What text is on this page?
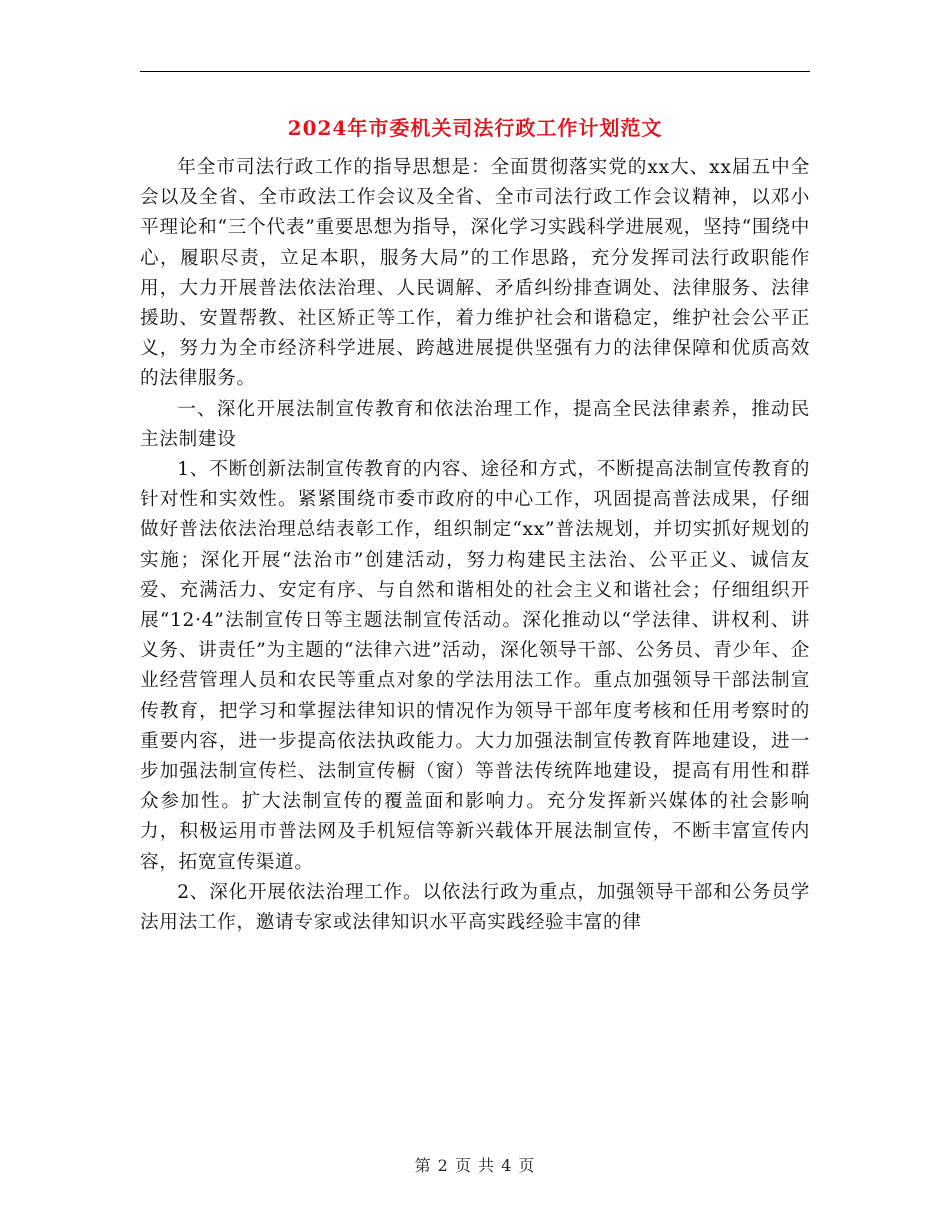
2024年市委机关司法行政工作计划范文

年全市司法行政工作的指导思想是：全面贯彻落实党的xx大、xx届五中全会以及全省、全市政法工作会议及全省、全市司法行政工作会议精神，以邓小平理论和“三个代表”重要思想为指导，深化学习实践科学进展观，坚持“围绕中心，履职尽责，立足本职，服务大局”的工作思路，充分发挥司法行政职能作用，大力开展普法依法治理、人民调解、矛盾纠纷排查调处、法律服务、法律援助、安置帮教、社区矫正等工作，着力维护社会和谐稳定，维护社会公平正义，努力为全市经济科学进展、跨越进展提供坚强有力的法律保障和优质高效的法律服务。

一、深化开展法制宣传教育和依法治理工作，提高全民法律素养，推动民主法制建设

1、不断创新法制宣传教育的内容、途径和方式，不断提高法制宣传教育的针对性和实效性。紧紧围绕市委市政府的中心工作，巩固提高普法成果，仔细做好普法依法治理总结表彰工作，组织制定“xx”普法规划，并切实抓好规划的实施；深化开展“法治市”创建活动，努力构建民主法治、公平正义、诚信友爱、充满活力、安定有序、与自然和谐相处的社会主义和谐社会；仔细组织开展“12·4”法制宣传日等主题法制宣传活动。深化推动以“学法律、讲权利、讲义务、讲责任”为主题的“法律六进”活动，深化领导干部、公务员、青少年、企业经营管理人员和农民等重点对象的学法用法工作。重点加强领导干部法制宣传教育，把学习和掌握法律知识的情况作为领导干部年度考核和任用考察时的重要内容，进一步提高依法执政能力。大力加强法制宣传教育阵地建设，进一步加强法制宣传栏、法制宣传橱（窗）等普法传统阵地建设，提高有用性和群众参加性。扩大法制宣传的覆盖面和影响力。充分发挥新兴媒体的社会影响力，积极运用市普法网及手机短信等新兴载体开展法制宣传，不断丰富宣传内容，拓宽宣传渠道。

2、深化开展依法治理工作。以依法行政为重点，加强领导干部和公务员学法用法工作，邀请专家或法律知识水平高实践经验丰富的律

第 2 页 共 4 页
